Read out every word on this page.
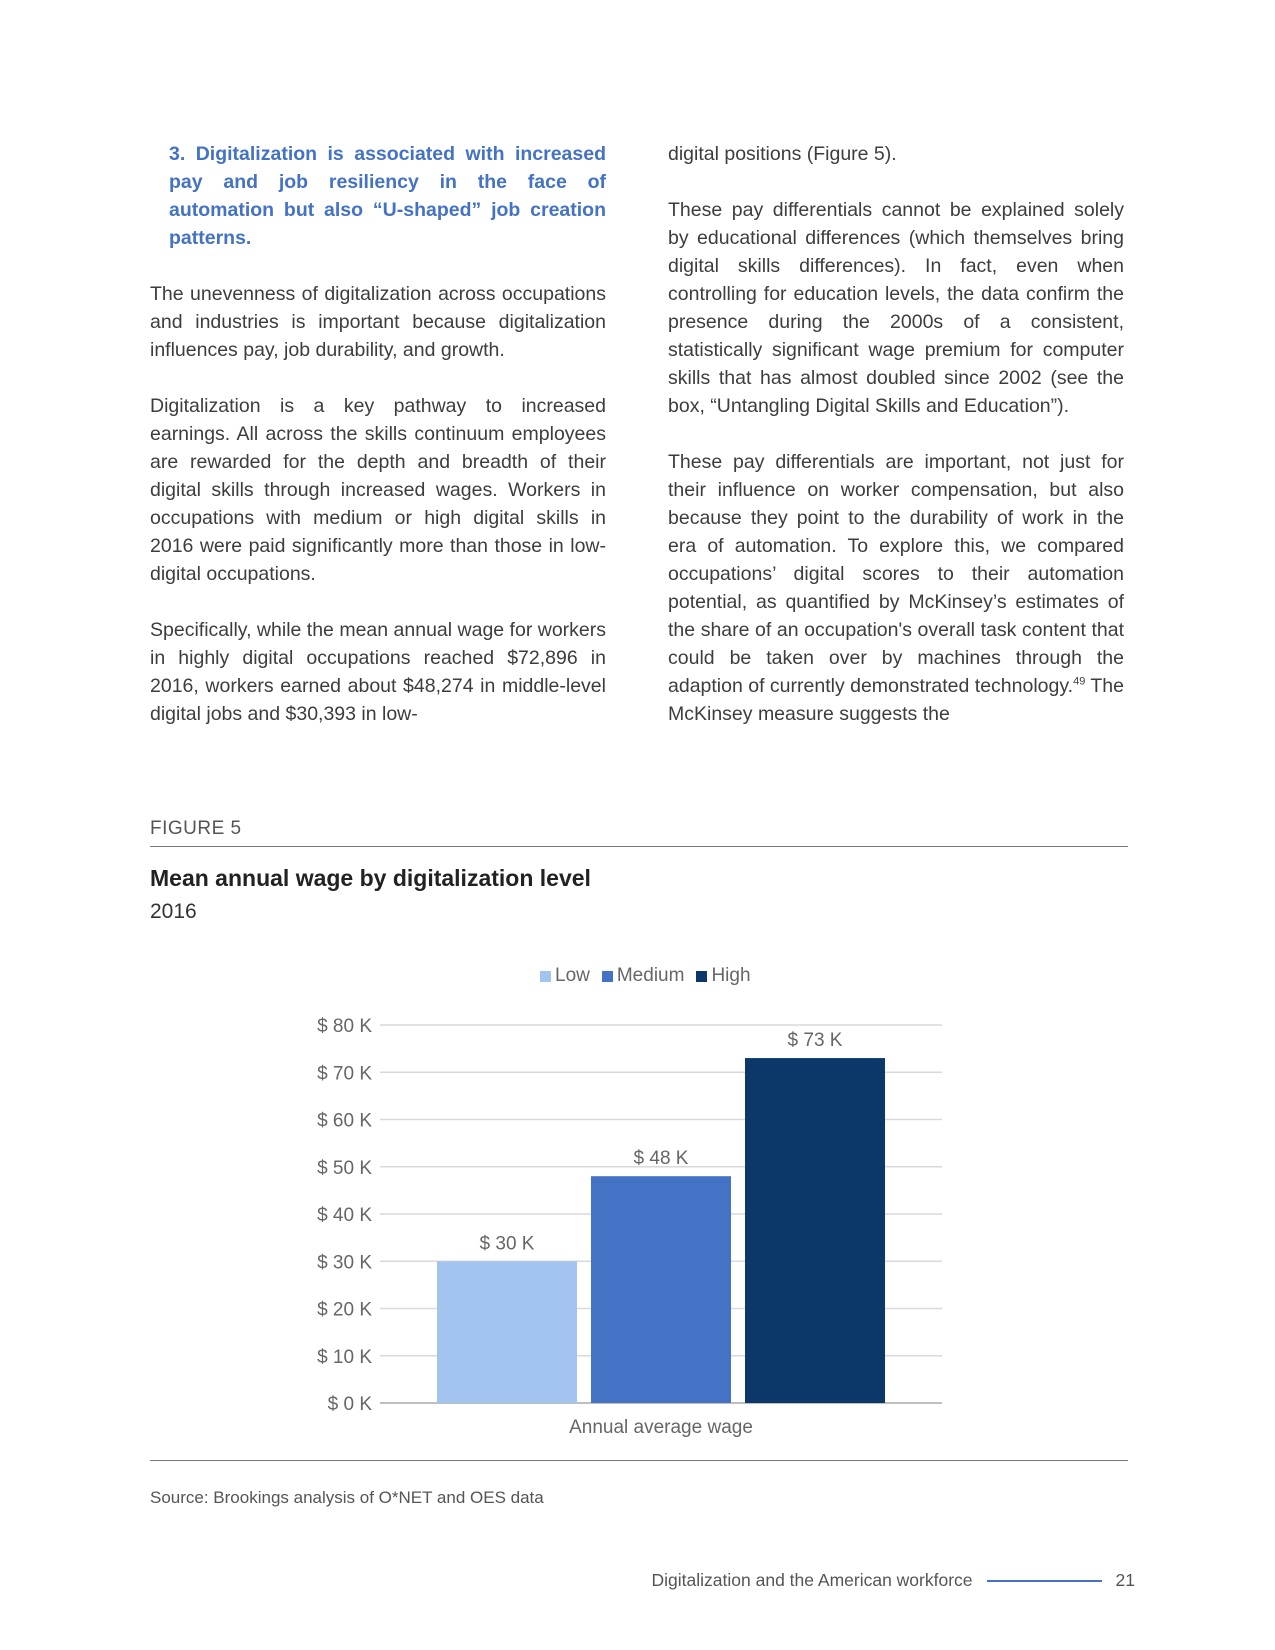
3. Digitalization is associated with increased pay and job resiliency in the face of automation but also “U-shaped” job creation patterns.

The unevenness of digitalization across occupations and industries is important because digitalization influences pay, job durability, and growth.

Digitalization is a key pathway to increased earnings. All across the skills continuum employees are rewarded for the depth and breadth of their digital skills through increased wages. Workers in occupations with medium or high digital skills in 2016 were paid significantly more than those in low-digital occupations.

Specifically, while the mean annual wage for workers in highly digital occupations reached $72,896 in 2016, workers earned about $48,274 in middle-level digital jobs and $30,393 in low-

digital positions (Figure 5).

These pay differentials cannot be explained solely by educational differences (which themselves bring digital skills differences). In fact, even when controlling for education levels, the data confirm the presence during the 2000s of a consistent, statistically significant wage premium for computer skills that has almost doubled since 2002 (see the box, “Untangling Digital Skills and Education”).

These pay differentials are important, not just for their influence on worker compensation, but also because they point to the durability of work in the era of automation. To explore this, we compared occupations’ digital scores to their automation potential, as quantified by McKinsey’s estimates of the share of an occupation's overall task content that could be taken over by machines through the adaption of currently demonstrated technology.$^{49}$ The McKinsey measure suggests the

FIGURE 5
Mean annual wage by digitalization level
2016
Low Medium High
$ 0 K
$ 10 K
$ 20 K
$ 30 K
$ 40 K
$ 50 K
$ 60 K
$ 70 K
$ 80 K
$ 30 K
$ 48 K
$ 73 K
Annual average wage
Source: Brookings analysis of O*NET and OES data
Digitalization and the American workforce	21
